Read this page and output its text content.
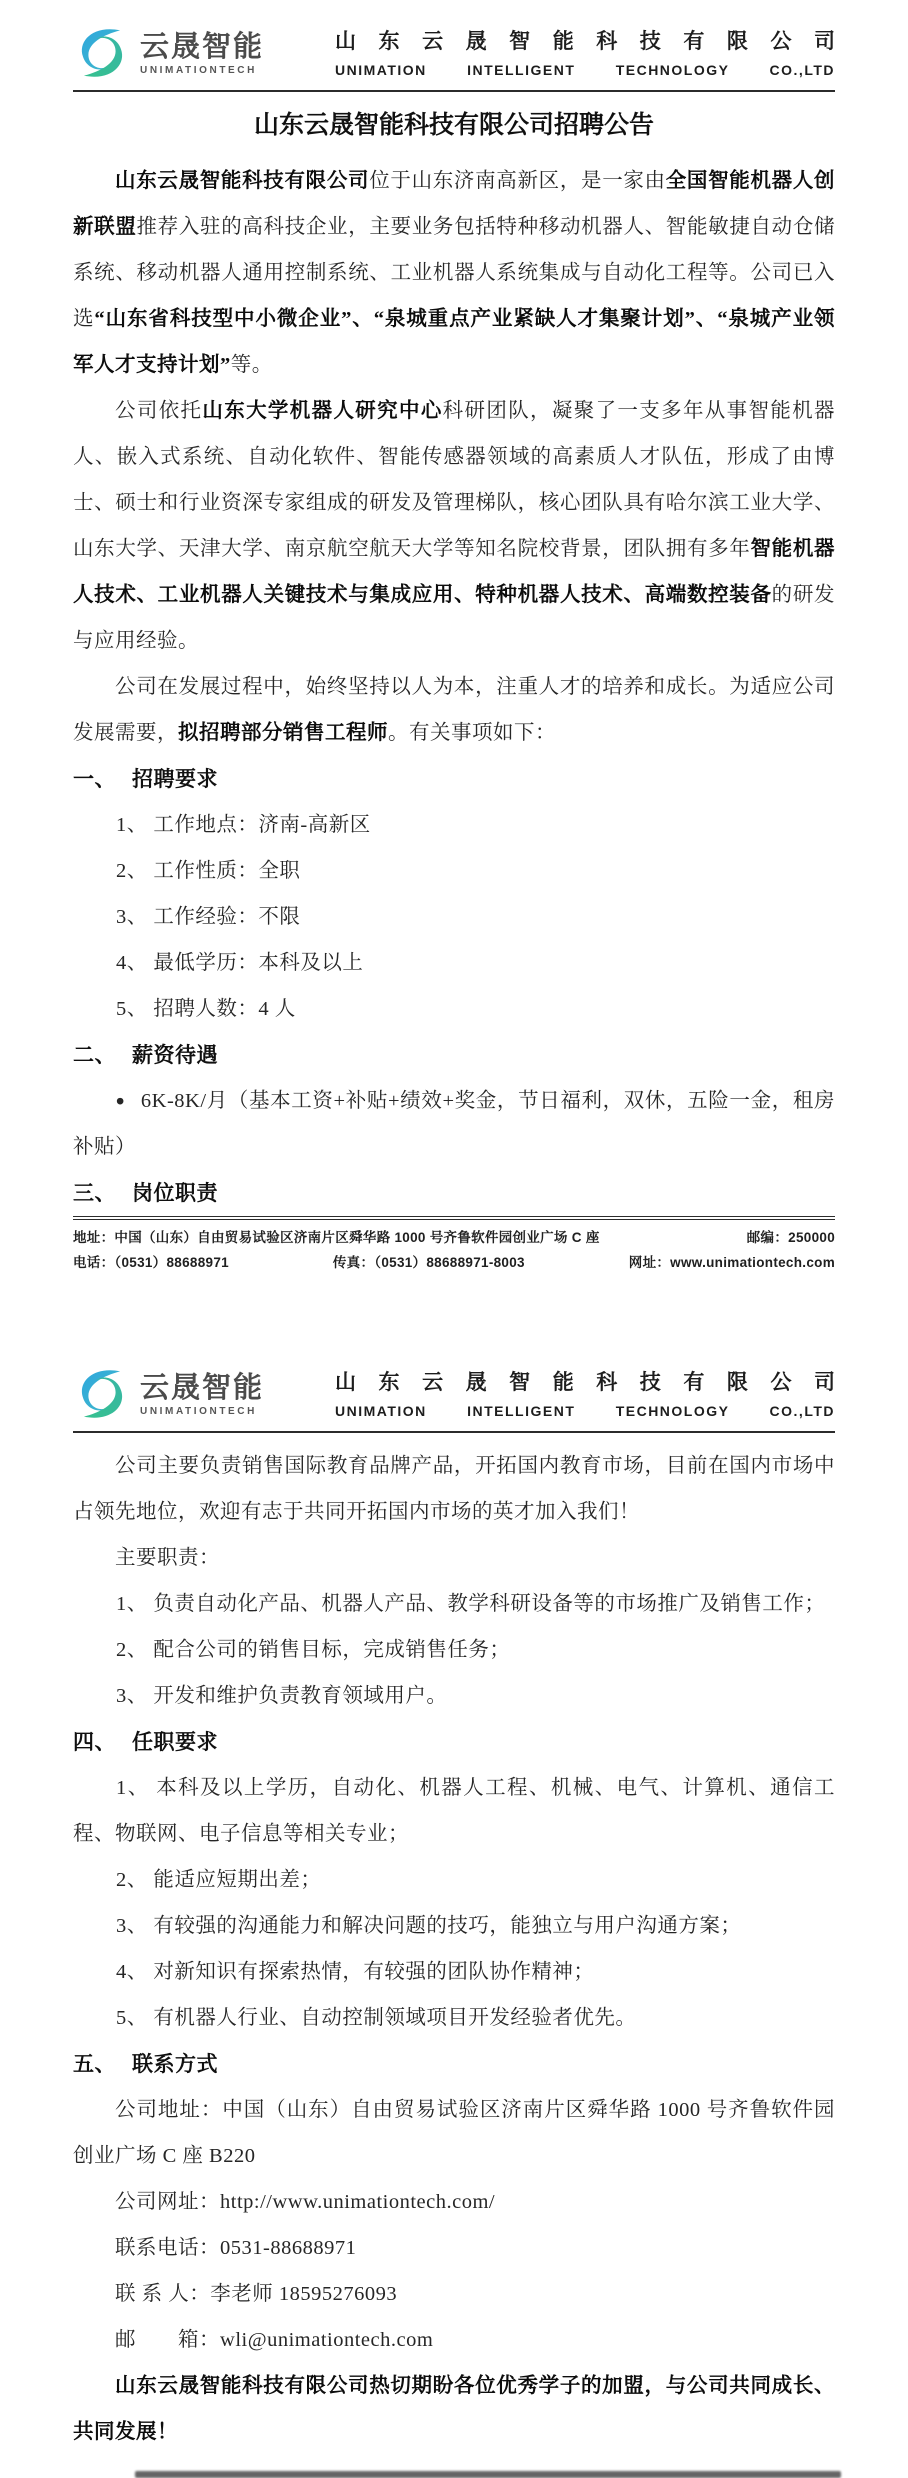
云晟智能
UNIMATIONTECH
山 东 云 晟 智 能 科 技 有 限 公 司
UNIMATION INTELLIGENT TECHNOLOGY CO.,LTD
山东云晟智能科技有限公司招聘公告

山东云晟智能科技有限公司位于山东济南高新区，是一家由全国智能机器人创新联盟推荐入驻的高科技企业，主要业务包括特种移动机器人、智能敏捷自动仓储系统、移动机器人通用控制系统、工业机器人系统集成与自动化工程等。公司已入选“山东省科技型中小微企业”、“泉城重点产业紧缺人才集聚计划”、“泉城产业领军人才支持计划”等。

公司依托山东大学机器人研究中心科研团队，凝聚了一支多年从事智能机器人、嵌入式系统、自动化软件、智能传感器领域的高素质人才队伍，形成了由博士、硕士和行业资深专家组成的研发及管理梯队，核心团队具有哈尔滨工业大学、山东大学、天津大学、南京航空航天大学等知名院校背景，团队拥有多年智能机器人技术、工业机器人关键技术与集成应用、特种机器人技术、高端数控装备的研发与应用经验。

公司在发展过程中，始终坚持以人为本，注重人才的培养和成长。为适应公司发展需要，拟招聘部分销售工程师。有关事项如下：

一、 招聘要求

1、 工作地点：济南-高新区

2、 工作性质：全职

3、 工作经验：不限

4、 最低学历：本科及以上

5、 招聘人数：4 人

二、 薪资待遇

● 6K-8K/月（基本工资+补贴+绩效+奖金，节日福利，双休，五险一金，租房补贴）

三、 岗位职责
地址：中国（山东）自由贸易试验区济南片区舜华路 1000 号齐鲁软件园创业广场 C 座	邮编：250000
电话：（0531）88688971	传真：（0531）88688971-8003	网址：www.unimationtech.com
云晟智能
UNIMATIONTECH
山 东 云 晟 智 能 科 技 有 限 公 司
UNIMATION INTELLIGENT TECHNOLOGY CO.,LTD

公司主要负责销售国际教育品牌产品，开拓国内教育市场，目前在国内市场中占领先地位，欢迎有志于共同开拓国内市场的英才加入我们！

主要职责：

1、 负责自动化产品、机器人产品、教学科研设备等的市场推广及销售工作；

2、 配合公司的销售目标，完成销售任务；

3、 开发和维护负责教育领域用户。

四、 任职要求

1、 本科及以上学历，自动化、机器人工程、机械、电气、计算机、通信工程、物联网、电子信息等相关专业；

2、 能适应短期出差；

3、 有较强的沟通能力和解决问题的技巧，能独立与用户沟通方案；

4、 对新知识有探索热情，有较强的团队协作精神；

5、 有机器人行业、自动控制领域项目开发经验者优先。

五、 联系方式

公司地址：中国（山东）自由贸易试验区济南片区舜华路 1000 号齐鲁软件园创业广场 C 座 B220

公司网址：http://www.unimationtech.com/

联系电话：0531-88688971

联 系 人：李老师 18595276093

邮　　箱：wli@unimationtech.com

山东云晟智能科技有限公司热切期盼各位优秀学子的加盟，与公司共同成长、共同发展！
